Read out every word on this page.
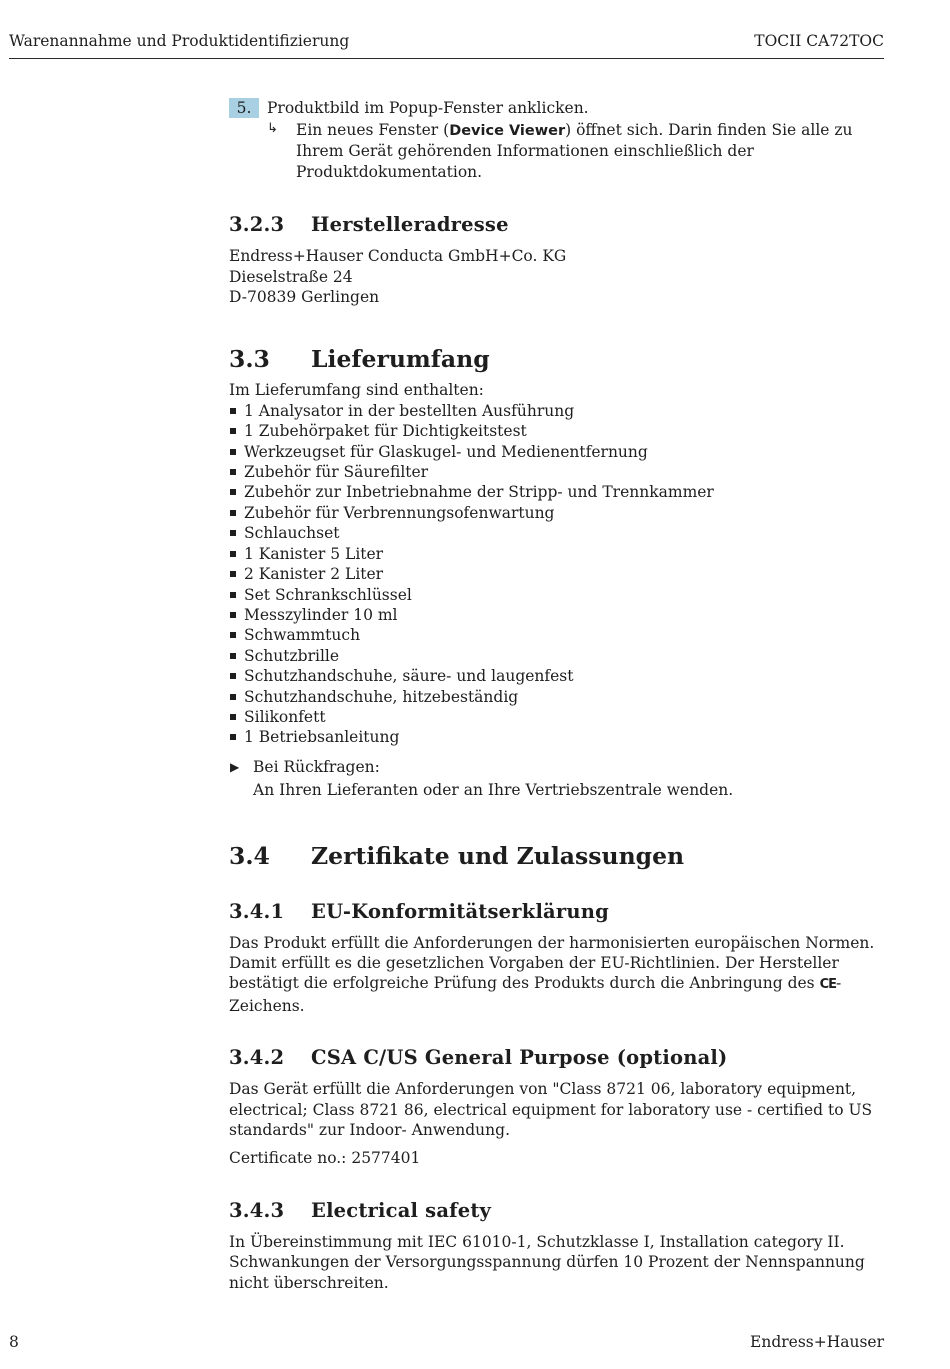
Warenannahme und Produktidentifizierung	TOCII CA72TOC
5.	Produktbild im Popup-Fenster anklicken.
↳ Ein neues Fenster (Device Viewer) öffnet sich. Darin finden Sie alle zu Ihrem Gerät gehörenden Informationen einschließlich der Produktdokumentation.
3.2.3 Herstelleradresse
Endress+Hauser Conducta GmbH+Co. KG
Dieselstraße 24
D-70839 Gerlingen
3.3 Lieferumfang

Im Lieferumfang sind enthalten:

1 Analysator in der bestellten Ausführung
1 Zubehörpaket für Dichtigkeitstest
Werkzeugset für Glaskugel- und Medienentfernung
Zubehör für Säurefilter
Zubehör zur Inbetriebnahme der Stripp- und Trennkammer
Zubehör für Verbrennungsofenwartung
Schlauchset
1 Kanister 5 Liter
2 Kanister 2 Liter
Set Schrankschlüssel
Messzylinder 10 ml
Schwammtuch
Schutzbrille
Schutzhandschuhe, säure- und laugenfest
Schutzhandschuhe, hitzebeständig
Silikonfett
1 Betriebsanleitung
▶ Bei Rückfragen:
An Ihren Lieferanten oder an Ihre Vertriebszentrale wenden.
3.4 Zertifikate und Zulassungen
3.4.1 EU-Konformitätserklärung

Das Produkt erfüllt die Anforderungen der harmonisierten europäischen Normen. Damit erfüllt es die gesetzlichen Vorgaben der EU-Richtlinien. Der Hersteller bestätigt die erfolgreiche Prüfung des Produkts durch die Anbringung des CE-Zeichens.

3.4.2 CSA C/US General Purpose (optional)

Das Gerät erfüllt die Anforderungen von "Class 8721 06, laboratory equipment, electrical; Class 8721 86, electrical equipment for laboratory use - certified to US standards" zur Indoor- Anwendung.

Certificate no.: 2577401

3.4.3 Electrical safety

In Übereinstimmung mit IEC 61010-1, Schutzklasse I, Installation category II. Schwankungen der Versorgungsspannung dürfen 10 Prozent der Nennspannung nicht überschreiten.

8	Endress+Hauser
